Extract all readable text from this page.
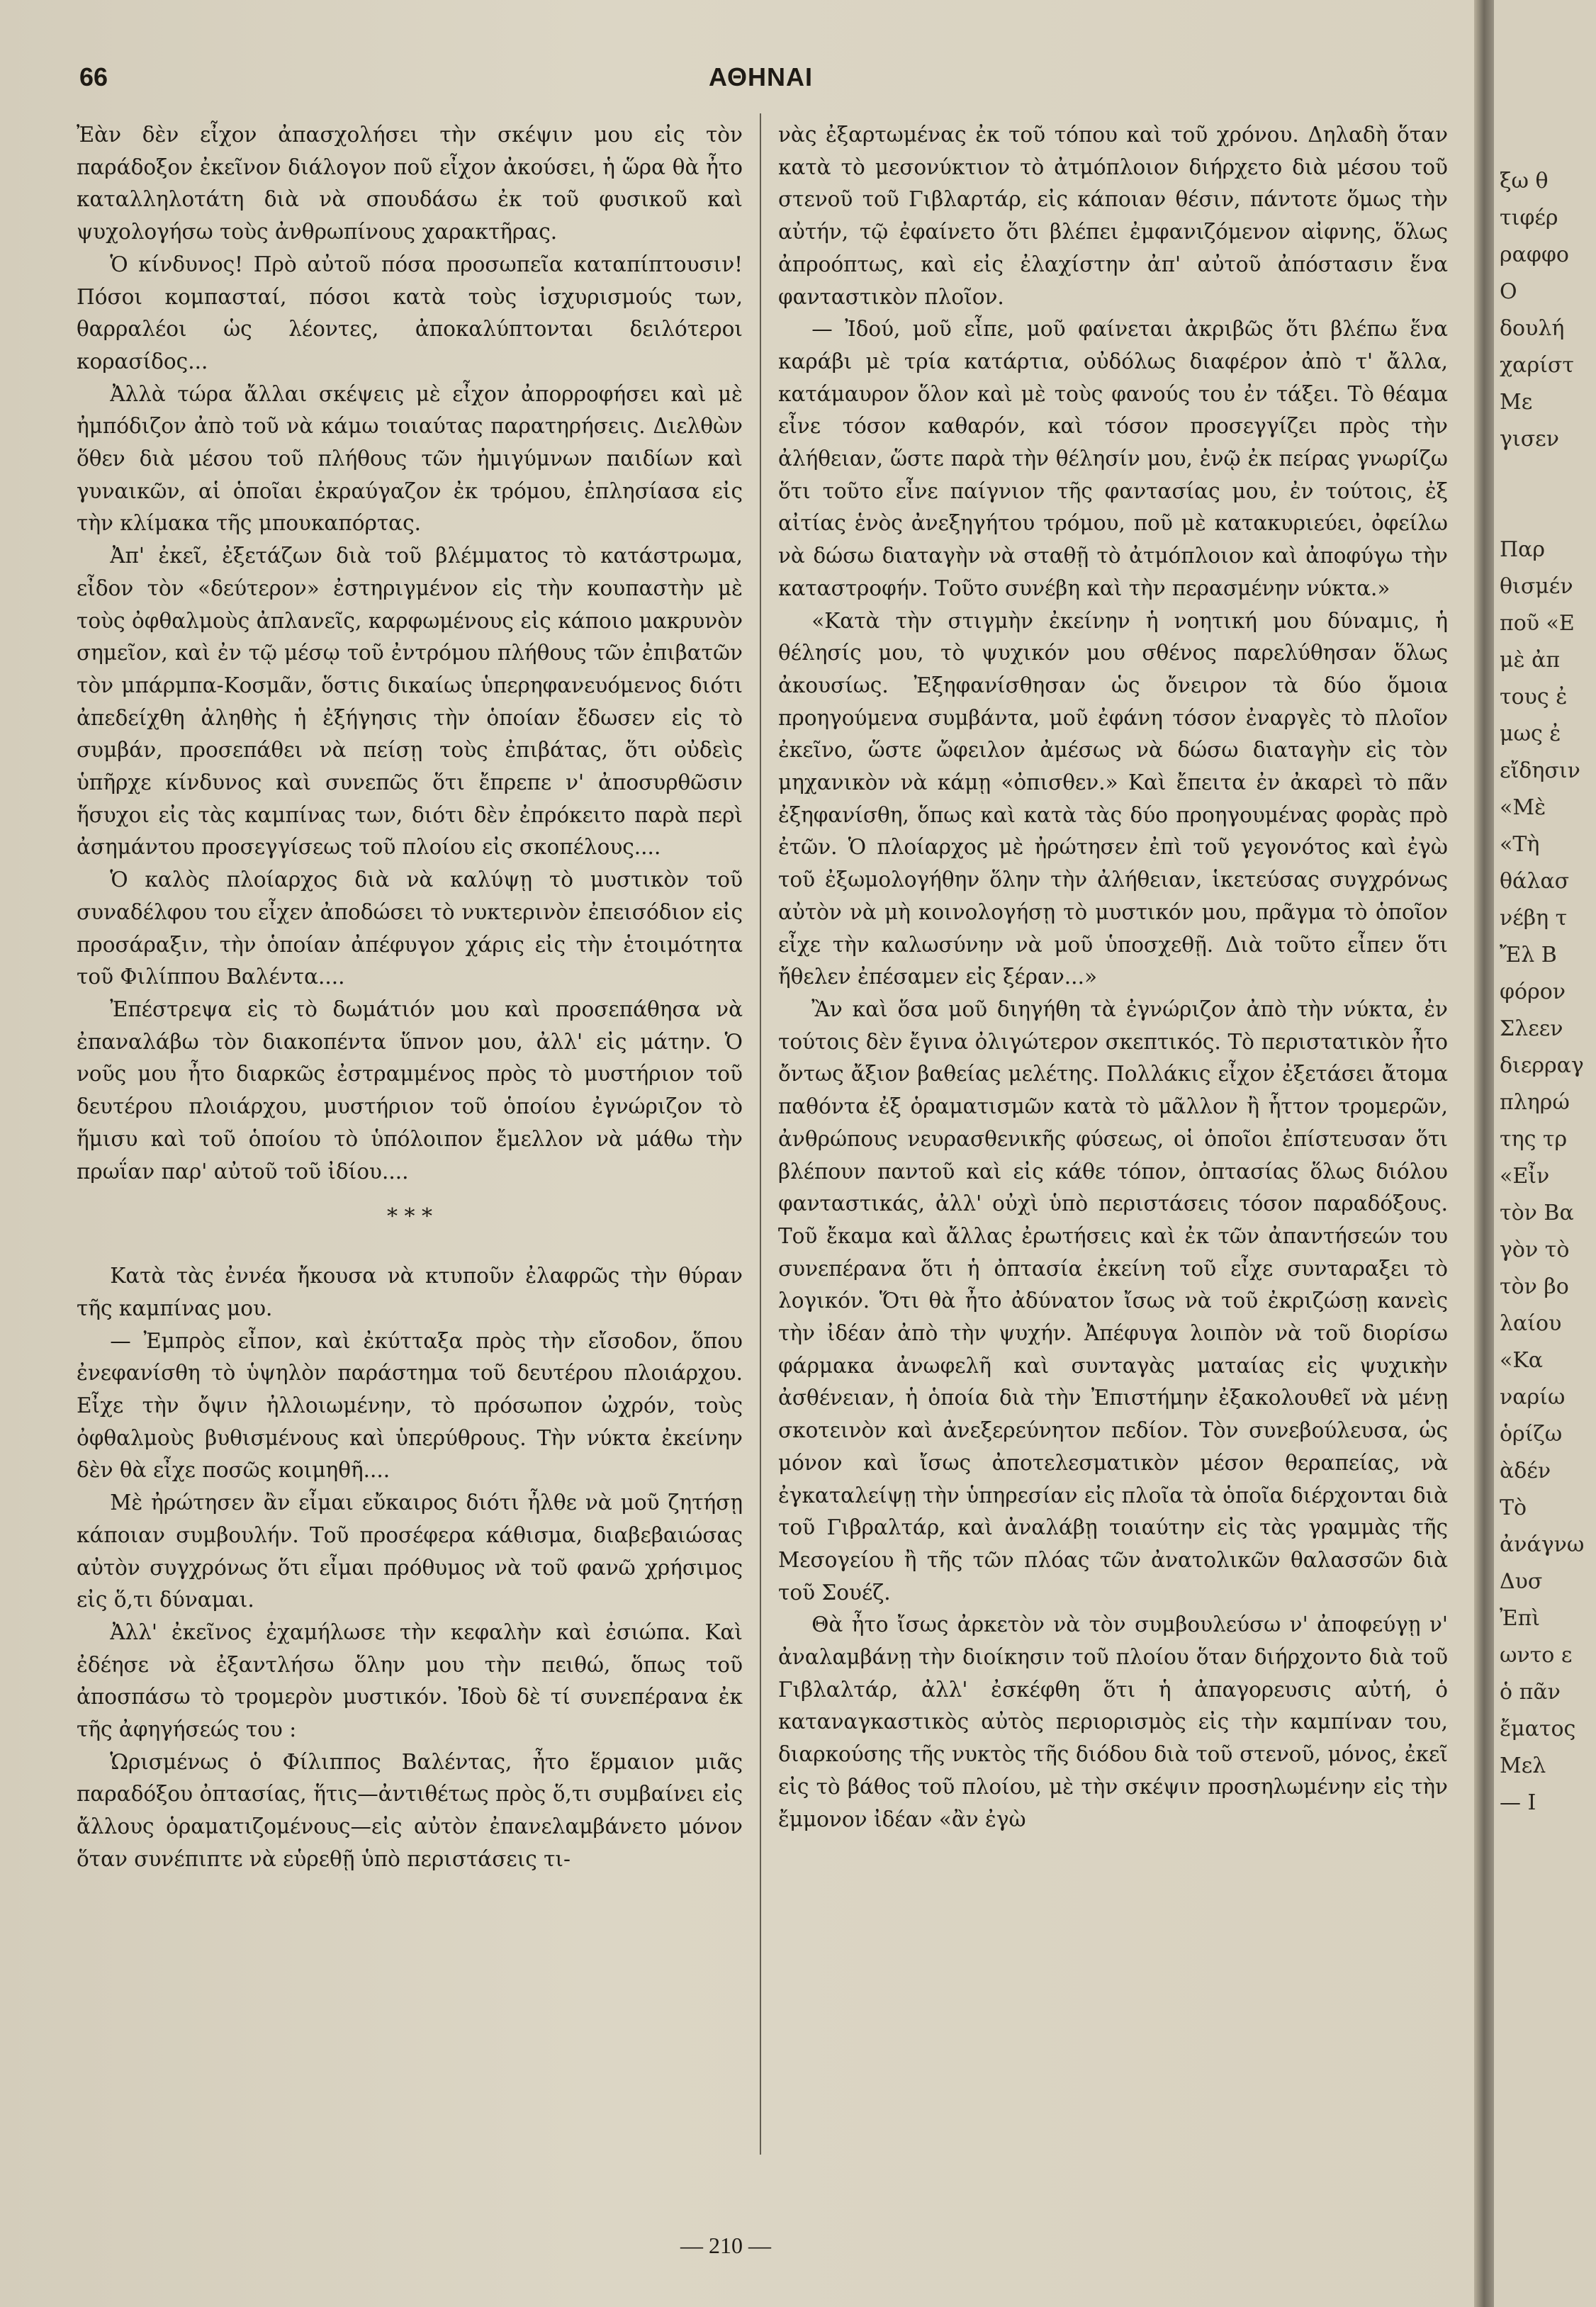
66	ΑΘΗΝΑΙ

Ἐὰν δὲν εἶχον ἀπασχολήσει τὴν σκέψιν μου εἰς τὸν παράδοξον ἐκεῖνον διάλογον ποῦ εἶχον ἀκούσει, ἡ ὥρα θὰ ἦτο καταλληλοτάτη διὰ νὰ σπουδάσω ἐκ τοῦ φυσικοῦ καὶ ψυχολογήσω τοὺς ἀνθρωπίνους χαρακτῆρας.

Ὁ κίνδυνος! Πρὸ αὐτοῦ πόσα προσωπεῖα καταπίπτουσιν! Πόσοι κομπασταί, πόσοι κατὰ τοὺς ἰσχυρισμούς των, θαρραλέοι ὡς λέοντες, ἀποκαλύπτονται δειλότεροι κορασίδος...

Ἀλλὰ τώρα ἄλλαι σκέψεις μὲ εἶχον ἀπορροφήσει καὶ μὲ ἠμπόδιζον ἀπὸ τοῦ νὰ κάμω τοιαύτας παρατηρήσεις. Διελθὼν ὅθεν διὰ μέσου τοῦ πλήθους τῶν ἠμιγύμνων παιδίων καὶ γυναικῶν, αἱ ὁποῖαι ἐκραύγαζον ἐκ τρόμου, ἐπλησίασα εἰς τὴν κλίμακα τῆς μπουκαπόρτας.

Ἀπ' ἐκεῖ, ἐξετάζων διὰ τοῦ βλέμματος τὸ κατάστρωμα, εἶδον τὸν «δεύτερον» ἐστηριγμένον εἰς τὴν κουπαστὴν μὲ τοὺς ὀφθαλμοὺς ἀπλανεῖς, καρφωμένους εἰς κάποιο μακρυνὸν σημεῖον, καὶ ἐν τῷ μέσῳ τοῦ ἐντρόμου πλήθους τῶν ἐπιβατῶν τὸν μπάρμπα-Κοσμᾶν, ὅστις δικαίως ὑπερηφανευόμενος διότι ἀπεδείχθη ἀληθὴς ἡ ἐξήγησις τὴν ὁποίαν ἔδωσεν εἰς τὸ συμβάν, προσεπάθει νὰ πείσῃ τοὺς ἐπιβάτας, ὅτι οὐδεὶς ὑπῆρχε κίνδυνος καὶ συνεπῶς ὅτι ἔπρεπε ν' ἀποσυρθῶσιν ἥσυχοι εἰς τὰς καμπίνας των, διότι δὲν ἐπρόκειτο παρὰ περὶ ἀσημάντου προσεγγίσεως τοῦ πλοίου εἰς σκοπέλους....

Ὁ καλὸς πλοίαρχος διὰ νὰ καλύψῃ τὸ μυστικὸν τοῦ συναδέλφου του εἶχεν ἀποδώσει τὸ νυκτερινὸν ἐπεισόδιον εἰς προσάραξιν, τὴν ὁποίαν ἀπέφυγον χάρις εἰς τὴν ἑτοιμότητα τοῦ Φιλίππου Βαλέντα....

Ἐπέστρεψα εἰς τὸ δωμάτιόν μου καὶ προσεπάθησα νὰ ἐπαναλάβω τὸν διακοπέντα ὕπνον μου, ἀλλ' εἰς μάτην. Ὁ νοῦς μου ἦτο διαρκῶς ἐστραμμένος πρὸς τὸ μυστήριον τοῦ δευτέρου πλοιάρχου, μυστήριον τοῦ ὁποίου ἐγνώριζον τὸ ἥμισυ καὶ τοῦ ὁποίου τὸ ὑπόλοιπον ἔμελλον νὰ μάθω τὴν πρωΐαν παρ' αὐτοῦ τοῦ ἰδίου....

* * *

Κατὰ τὰς ἐννέα ἤκουσα νὰ κτυποῦν ἐλαφρῶς τὴν θύραν τῆς καμπίνας μου.

— Ἐμπρὸς εἶπον, καὶ ἐκύτταξα πρὸς τὴν εἴσοδον, ὅπου ἐνεφανίσθη τὸ ὑψηλὸν παράστημα τοῦ δευτέρου πλοιάρχου. Εἶχε τὴν ὄψιν ἠλλοιωμένην, τὸ πρόσωπον ὠχρόν, τοὺς ὀφθαλμοὺς βυθισμένους καὶ ὑπερύθρους. Τὴν νύκτα ἐκείνην δὲν θὰ εἶχε ποσῶς κοιμηθῆ....

Μὲ ἠρώτησεν ἂν εἶμαι εὔκαιρος διότι ἦλθε νὰ μοῦ ζητήσῃ κάποιαν συμβουλήν. Τοῦ προσέφερα κάθισμα, διαβεβαιώσας αὐτὸν συγχρόνως ὅτι εἶμαι πρόθυμος νὰ τοῦ φανῶ χρήσιμος εἰς ὅ,τι δύναμαι.

Ἀλλ' ἐκεῖνος ἐχαμήλωσε τὴν κεφαλὴν καὶ ἐσιώπα. Καὶ ἐδέησε νὰ ἐξαντλήσω ὅλην μου τὴν πειθώ, ὅπως τοῦ ἀποσπάσω τὸ τρομερὸν μυστικόν. Ἰδοὺ δὲ τί συνεπέρανα ἐκ τῆς ἀφηγήσεώς του :

Ὡρισμένως ὁ Φίλιππος Βαλέντας, ἦτο ἕρμαιον μιᾶς παραδόξου ὀπτασίας, ἥτις—ἀντιθέτως πρὸς ὅ,τι συμβαίνει εἰς ἄλλους ὁραματιζομένους—εἰς αὐτὸν ἐπανελαμβάνετο μόνον ὅταν συνέπιπτε νὰ εὑρεθῇ ὑπὸ περιστάσεις τι-

νὰς ἐξαρτωμένας ἐκ τοῦ τόπου καὶ τοῦ χρόνου. Δηλαδὴ ὅταν κατὰ τὸ μεσονύκτιον τὸ ἀτμόπλοιον διήρχετο διὰ μέσου τοῦ στενοῦ τοῦ Γιβλαρτάρ, εἰς κάποιαν θέσιν, πάντοτε ὅμως τὴν αὐτήν, τῷ ἐφαίνετο ὅτι βλέπει ἐμφανιζόμενον αἰφνης, ὅλως ἀπροόπτως, καὶ εἰς ἐλαχίστην ἀπ' αὐτοῦ ἀπόστασιν ἕνα φανταστικὸν πλοῖον.

— Ἰδού, μοῦ εἶπε, μοῦ φαίνεται ἀκριβῶς ὅτι βλέπω ἕνα καράβι μὲ τρία κατάρτια, οὐδόλως διαφέρον ἀπὸ τ' ἄλλα, κατάμαυρον ὅλον καὶ μὲ τοὺς φανούς του ἐν τάξει. Τὸ θέαμα εἶνε τόσον καθαρόν, καὶ τόσον προσεγγίζει πρὸς τὴν ἀλήθειαν, ὥστε παρὰ τὴν θέλησίν μου, ἐνῷ ἐκ πείρας γνωρίζω ὅτι τοῦτο εἶνε παίγνιον τῆς φαντασίας μου, ἐν τούτοις, ἐξ αἰτίας ἑνὸς ἀνεξηγήτου τρόμου, ποῦ μὲ κατακυριεύει, ὀφείλω νὰ δώσω διαταγὴν νὰ σταθῇ τὸ ἀτμόπλοιον καὶ ἀποφύγω τὴν καταστροφήν. Τοῦτο συνέβη καὶ τὴν περασμένην νύκτα.»

«Κατὰ τὴν στιγμὴν ἐκείνην ἡ νοητική μου δύναμις, ἡ θέλησίς μου, τὸ ψυχικόν μου σθένος παρελύθησαν ὅλως ἀκουσίως. Ἐξηφανίσθησαν ὡς ὄνειρον τὰ δύο ὅμοια προηγούμενα συμβάντα, μοῦ ἐφάνη τόσον ἐναργὲς τὸ πλοῖον ἐκεῖνο, ὥστε ὤφειλον ἀμέσως νὰ δώσω διαταγὴν εἰς τὸν μηχανικὸν νὰ κάμῃ «ὀπισθεν.» Καὶ ἔπειτα ἐν ἀκαρεὶ τὸ πᾶν ἐξηφανίσθη, ὅπως καὶ κατὰ τὰς δύο προηγουμένας φορὰς πρὸ ἐτῶν. Ὁ πλοίαρχος μὲ ἠρώτησεν ἐπὶ τοῦ γεγονότος καὶ ἐγὼ τοῦ ἐξωμολογήθην ὅλην τὴν ἀλήθειαν, ἱκετεύσας συγχρόνως αὐτὸν νὰ μὴ κοινολογήσῃ τὸ μυστικόν μου, πρᾶγμα τὸ ὁποῖον εἶχε τὴν καλωσύνην νὰ μοῦ ὑποσχεθῇ. Διὰ τοῦτο εἶπεν ὅτι ἤθελεν ἐπέσαμεν εἰς ξέραν...»

Ἂν καὶ ὅσα μοῦ διηγήθη τὰ ἐγνώριζον ἀπὸ τὴν νύκτα, ἐν τούτοις δὲν ἔγινα ὀλιγώτερον σκεπτικός. Τὸ περιστατικὸν ἦτο ὄντως ἄξιον βαθείας μελέτης. Πολλάκις εἶχον ἐξετάσει ἄτομα παθόντα ἐξ ὁραματισμῶν κατὰ τὸ μᾶλλον ἢ ἧττον τρομερῶν, ἀνθρώπους νευρασθενικῆς φύσεως, οἱ ὁποῖοι ἐπίστευσαν ὅτι βλέπουν παντοῦ καὶ εἰς κάθε τόπον, ὀπτασίας ὅλως διόλου φανταστικάς, ἀλλ' οὐχὶ ὑπὸ περιστάσεις τόσον παραδόξους. Τοῦ ἔκαμα καὶ ἄλλας ἐρωτήσεις καὶ ἐκ τῶν ἀπαντήσεών του συνεπέρανα ὅτι ἡ ὀπτασία ἐκείνη τοῦ εἶχε συνταραξει τὸ λογικόν. Ὅτι θὰ ἦτο ἀδύνατον ἴσως νὰ τοῦ ἐκριζώσῃ κανεὶς τὴν ἰδέαν ἀπὸ τὴν ψυχήν. Ἀπέφυγα λοιπὸν νὰ τοῦ διορίσω φάρμακα ἀνωφελῆ καὶ συνταγὰς ματαίας εἰς ψυχικὴν ἀσθένειαν, ἡ ὁποία διὰ τὴν Ἐπιστήμην ἐξακολουθεῖ νὰ μένῃ σκοτεινὸν καὶ ἀνεξερεύνητον πεδίον. Τὸν συνεβούλευσα, ὡς μόνον καὶ ἴσως ἀποτελεσματικὸν μέσον θεραπείας, νὰ ἐγκαταλείψῃ τὴν ὑπηρεσίαν εἰς πλοῖα τὰ ὁποῖα διέρχονται διὰ τοῦ Γιβραλτάρ, καὶ ἀναλάβῃ τοιαύτην εἰς τὰς γραμμὰς τῆς Μεσογείου ἢ τῆς τῶν πλόας τῶν ἀνατολικῶν θαλασσῶν διὰ τοῦ Σουέζ.

Θὰ ἦτο ἴσως ἀρκετὸν νὰ τὸν συμβουλεύσω ν' ἀποφεύγῃ ν' ἀναλαμβάνῃ τὴν διοίκησιν τοῦ πλοίου ὅταν διήρχοντο διὰ τοῦ Γιβλαλτάρ, ἀλλ' ἐσκέφθη ὅτι ἡ ἀπαγορευσις αὐτή, ὁ καταναγκαστικὸς αὐτὸς περιορισμὸς εἰς τὴν καμπίναν του, διαρκούσης τῆς νυκτὸς τῆς διόδου διὰ τοῦ στενοῦ, μόνος, ἐκεῖ εἰς τὸ βάθος τοῦ πλοίου, μὲ τὴν σκέψιν προσηλωμένην εἰς τὴν ἔμμονον ἰδέαν «ἂν ἐγὼ

— 210 —
ξω θ
τιφέρ
ραφφο
Ο
δουλή
χαρίστ
Με
γισεν

Παρ
θισμέν
ποῦ «Ε
μὲ ἀπ
τους ἐ
μως ἐ
εἴδησιν
«Μὲ
«Τὴ
θάλασ
νέβη τ
Ἔλ Β
φόρον
Σλεεν
διερραγ
πληρώ
της τρ
«Εἶν
τὸν Βα
γὸν τὸ
τὸν βο
λαίου
«Κα
ναρίω
ὁρίζω
ὰδέν
Τὸ
ἀνάγνω
Δυσ
Ἐπὶ
ωντο ε
ὁ πᾶν
ἔματος
Μελ
— Ι
